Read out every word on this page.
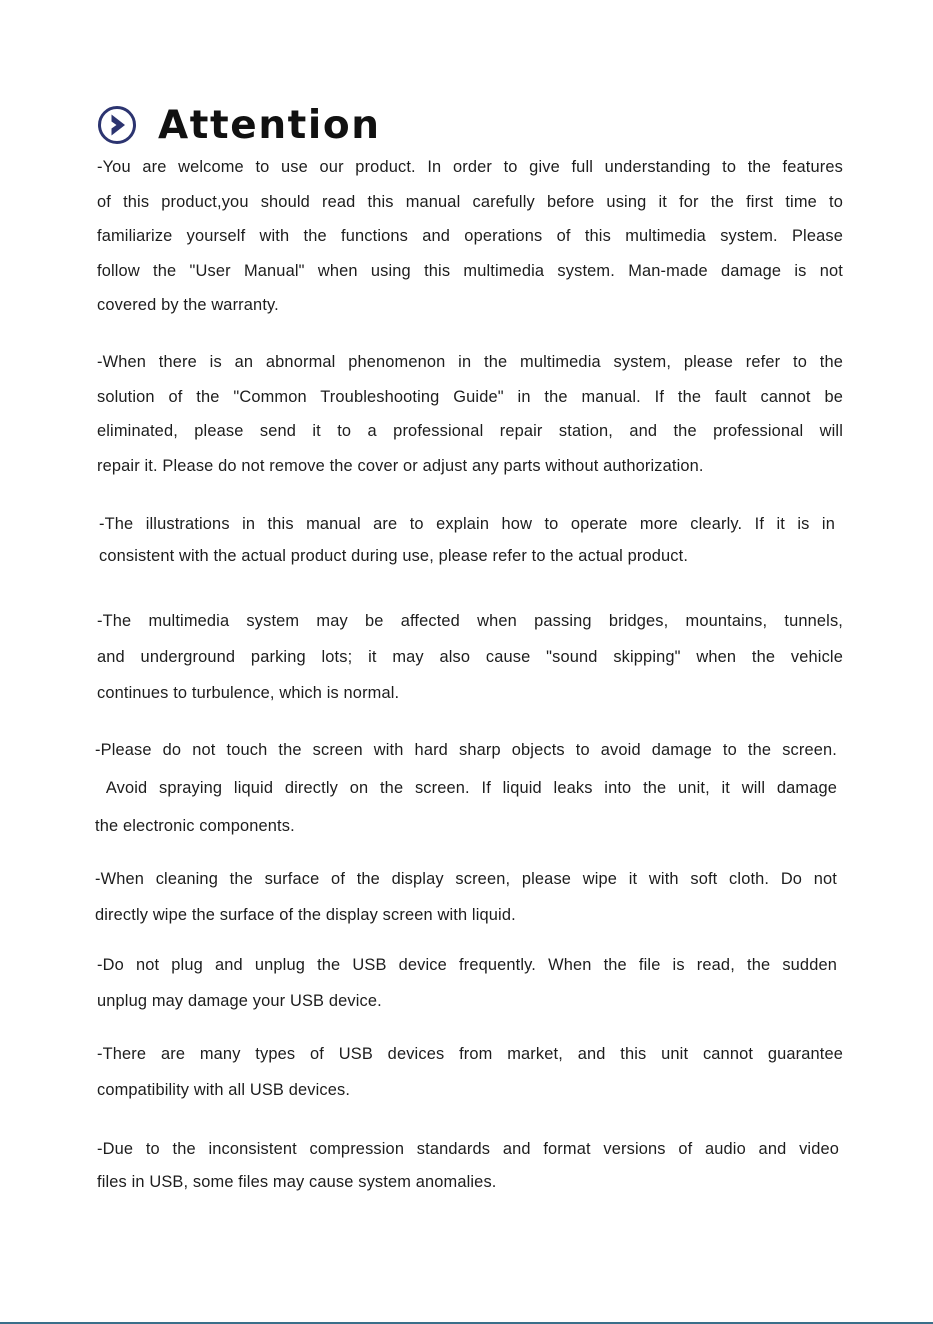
Attention
-You are welcome to use our product. In order to give full understanding to the features
of this product,you should read this manual carefully before using it for the first time to
familiarize yourself with the functions and operations of this multimedia system. Please
follow the "User Manual" when using this multimedia system. Man-made damage is not
covered by the warranty.
-When there is an abnormal phenomenon in the multimedia system, please refer to the
solution of the "Common Troubleshooting Guide" in the manual. If the fault cannot be
eliminated, please send it to a professional repair station, and the professional will
repair it. Please do not remove the cover or adjust any parts without authorization.
-The illustrations in this manual are to explain how to operate more clearly. If it is in
consistent with the actual product during use, please refer to the actual product.
-The multimedia system may be affected when passing bridges, mountains, tunnels,
and underground parking lots; it may also cause "sound skipping" when the vehicle
continues to turbulence, which is normal.
-Please do not touch the screen with hard sharp objects to avoid damage to the screen.
Avoid spraying liquid directly on the screen. If liquid leaks into the unit, it will damage
the electronic components.
-When cleaning the surface of the display screen, please wipe it with soft cloth. Do not
directly wipe the surface of the display screen with liquid.
-Do not plug and unplug the USB device frequently. When the file is read, the sudden
unplug may damage your USB device.
-There are many types of USB devices from market, and this unit cannot guarantee
compatibility with all USB devices.
-Due to the inconsistent compression standards and format versions of audio and video
files in USB, some files may cause system anomalies.
